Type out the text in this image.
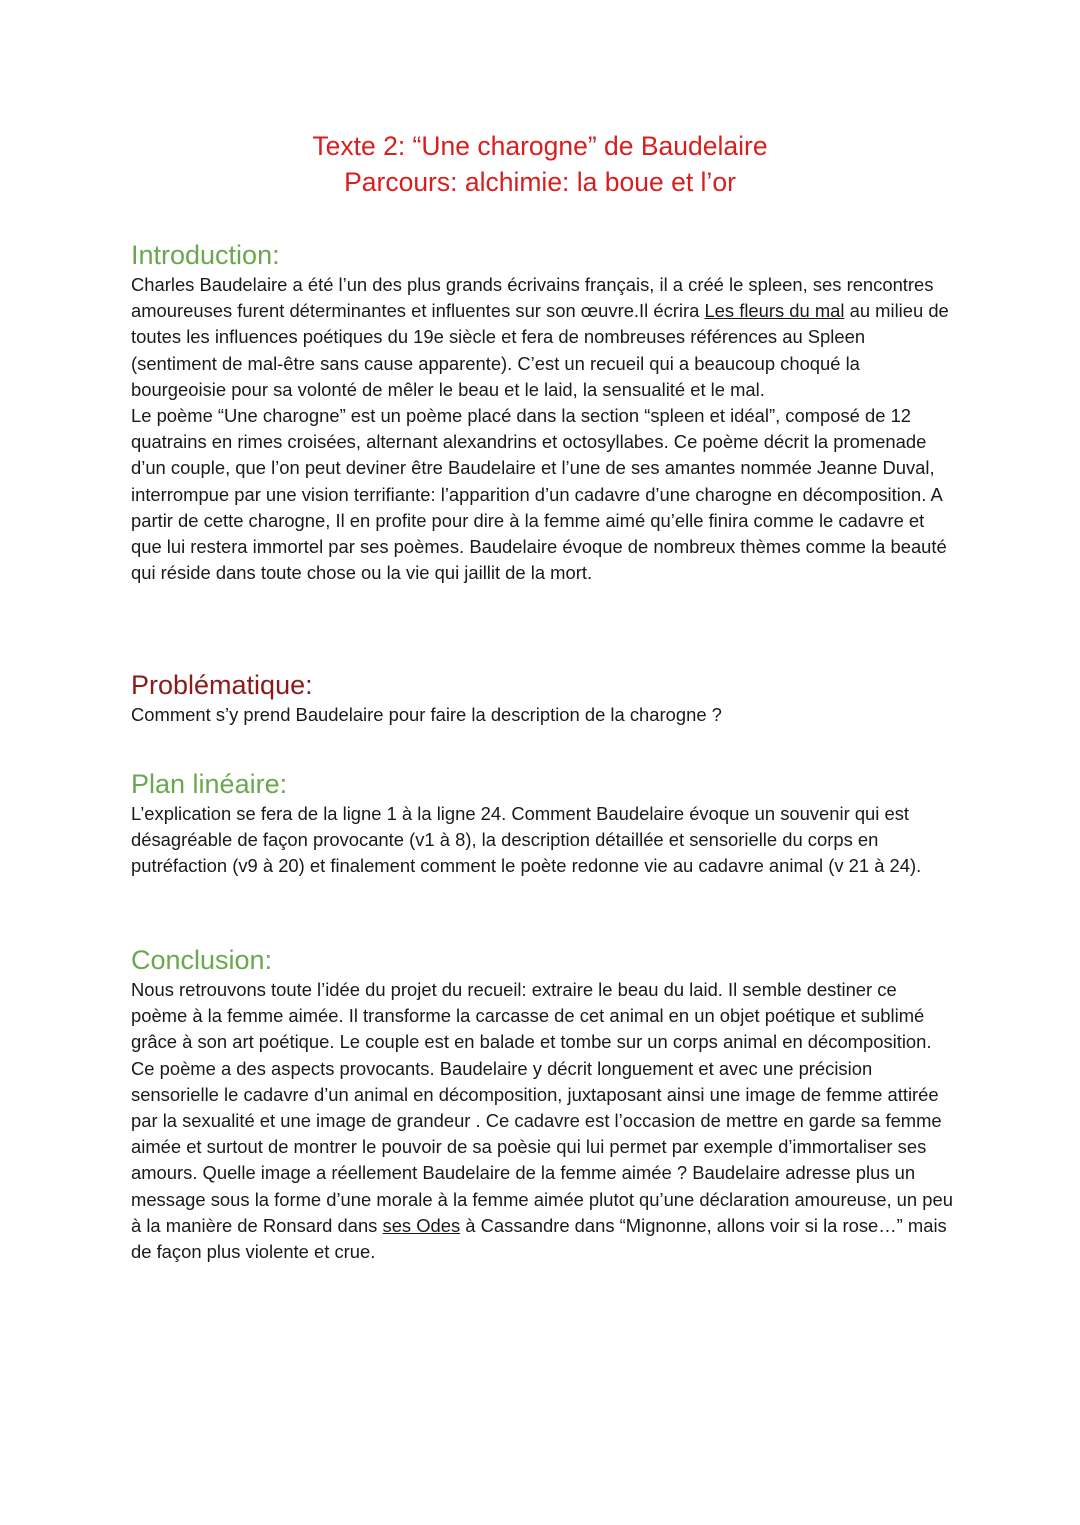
Texte 2: “Une charogne” de Baudelaire
Parcours: alchimie: la boue et l’or
Introduction:

Charles Baudelaire a été l’un des plus grands écrivains français, il a créé le spleen, ses rencontres amoureuses furent déterminantes et influentes sur son œuvre.Il écrira Les fleurs du mal au milieu de toutes les influences poétiques du 19e siècle et fera de nombreuses références au Spleen (sentiment de mal-être sans cause apparente). C’est un recueil qui a beaucoup choqué la bourgeoisie pour sa volonté de mêler le beau et le laid, la sensualité et le mal.

Le poème “Une charogne” est un poème placé dans la section “spleen et idéal”, composé de 12 quatrains en rimes croisées, alternant alexandrins et octosyllabes. Ce poème décrit la promenade d’un couple, que l’on peut deviner être Baudelaire et l’une de ses amantes nommée Jeanne Duval, interrompue par une vision terrifiante: l’apparition d’un cadavre d’une charogne en décomposition. A partir de cette charogne, Il en profite pour dire à la femme aimé qu’elle finira comme le cadavre et que lui restera immortel par ses poèmes. Baudelaire évoque de nombreux thèmes comme la beauté qui réside dans toute chose ou la vie qui jaillit de la mort.

Problématique:

Comment s’y prend Baudelaire pour faire la description de la charogne ?

Plan linéaire:

L’explication se fera de la ligne 1 à la ligne 24. Comment Baudelaire évoque un souvenir qui est désagréable de façon provocante (v1 à 8), la description détaillée et sensorielle du corps en putréfaction (v9 à 20) et finalement comment le poète redonne vie au cadavre animal (v 21 à 24).

Conclusion:

Nous retrouvons toute l’idée du projet du recueil: extraire le beau du laid. Il semble destiner ce poème à la femme aimée. Il transforme la carcasse de cet animal en un objet poétique et sublimé grâce à son art poétique. Le couple est en balade et tombe sur un corps animal en décomposition. Ce poème a des aspects provocants. Baudelaire y décrit longuement et avec une précision sensorielle le cadavre d’un animal en décomposition, juxtaposant ainsi une image de femme attirée par la sexualité et une image de grandeur . Ce cadavre est l’occasion de mettre en garde sa femme aimée et surtout de montrer le pouvoir de sa poèsie qui lui permet par exemple d’immortaliser ses amours. Quelle image a réellement Baudelaire de la femme aimée ? Baudelaire adresse plus un message sous la forme d’une morale à la femme aimée plutot qu’une déclaration amoureuse, un peu à la manière de Ronsard dans ses Odes à Cassandre dans “Mignonne, allons voir si la rose…” mais de façon plus violente et crue.
